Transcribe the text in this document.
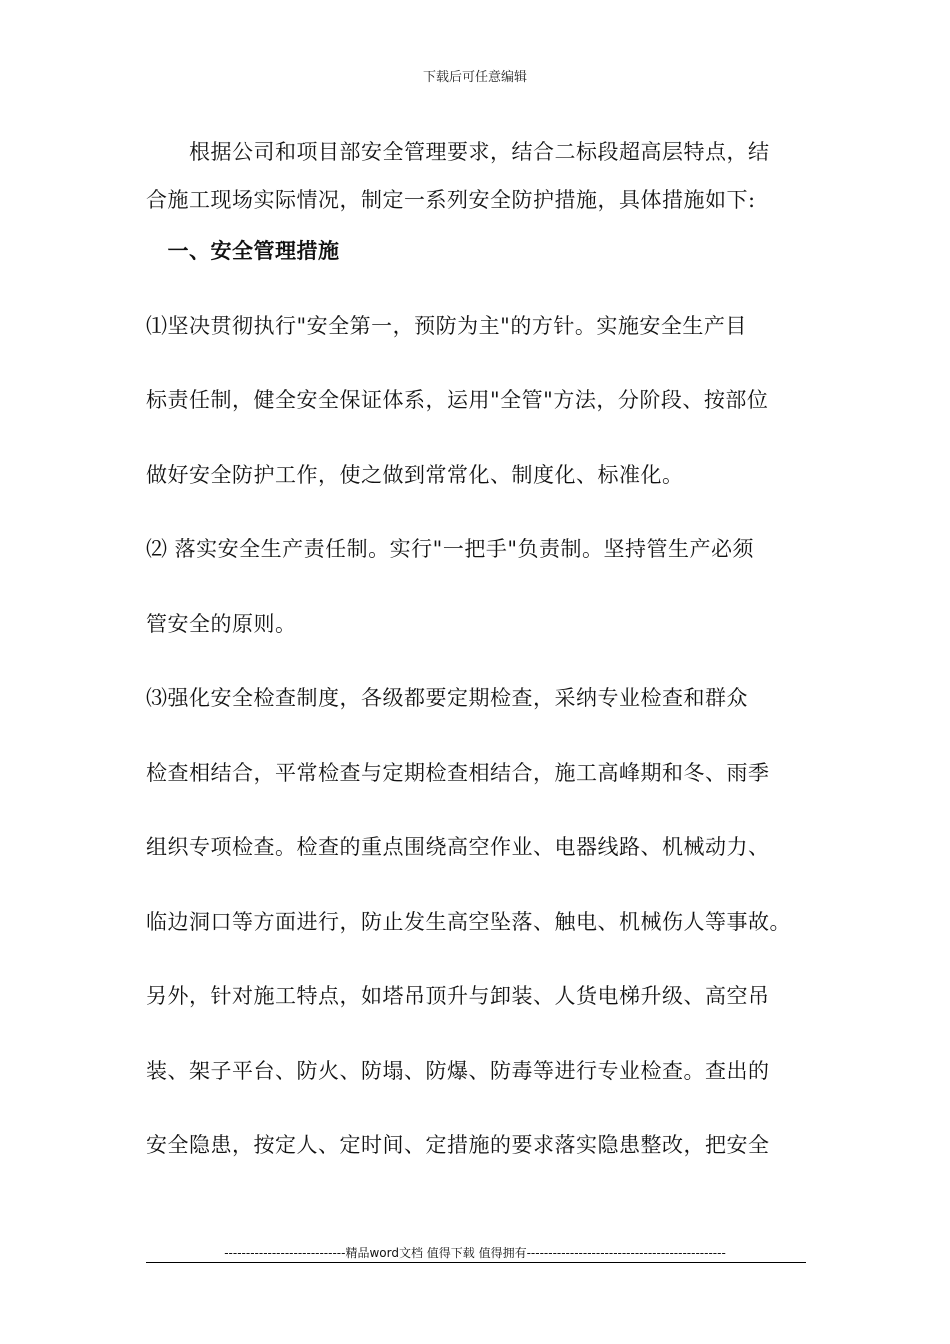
下载后可任意编辑
　　根据公司和项目部安全管理要求，结合二标段超高层特点，结
合施工现场实际情况，制定一系列安全防护措施，具体措施如下:
　一、安全管理措施
⑴坚决贯彻执行"安全第一，预防为主"的方针。实施安全生产目
标责任制，健全安全保证体系，运用"全管"方法，分阶段、按部位
做好安全防护工作，使之做到常常化、制度化、标准化。
⑵ 落实安全生产责任制。实行"一把手"负责制。坚持管生产必须
管安全的原则。
⑶强化安全检查制度，各级都要定期检查，采纳专业检查和群众
检查相结合，平常检查与定期检查相结合，施工高峰期和冬、雨季
组织专项检查。检查的重点围绕高空作业、电器线路、机械动力、
临边洞口等方面进行，防止发生高空坠落、触电、机械伤人等事故。
另外，针对施工特点，如塔吊顶升与卸装、人货电梯升级、高空吊
装、架子平台、防火、防塌、防爆、防毒等进行专业检查。查出的
安全隐患，按定人、定时间、定措施的要求落实隐患整改，把安全
----------------------------精品word文档 值得下载 值得拥有----------------------------------------------
